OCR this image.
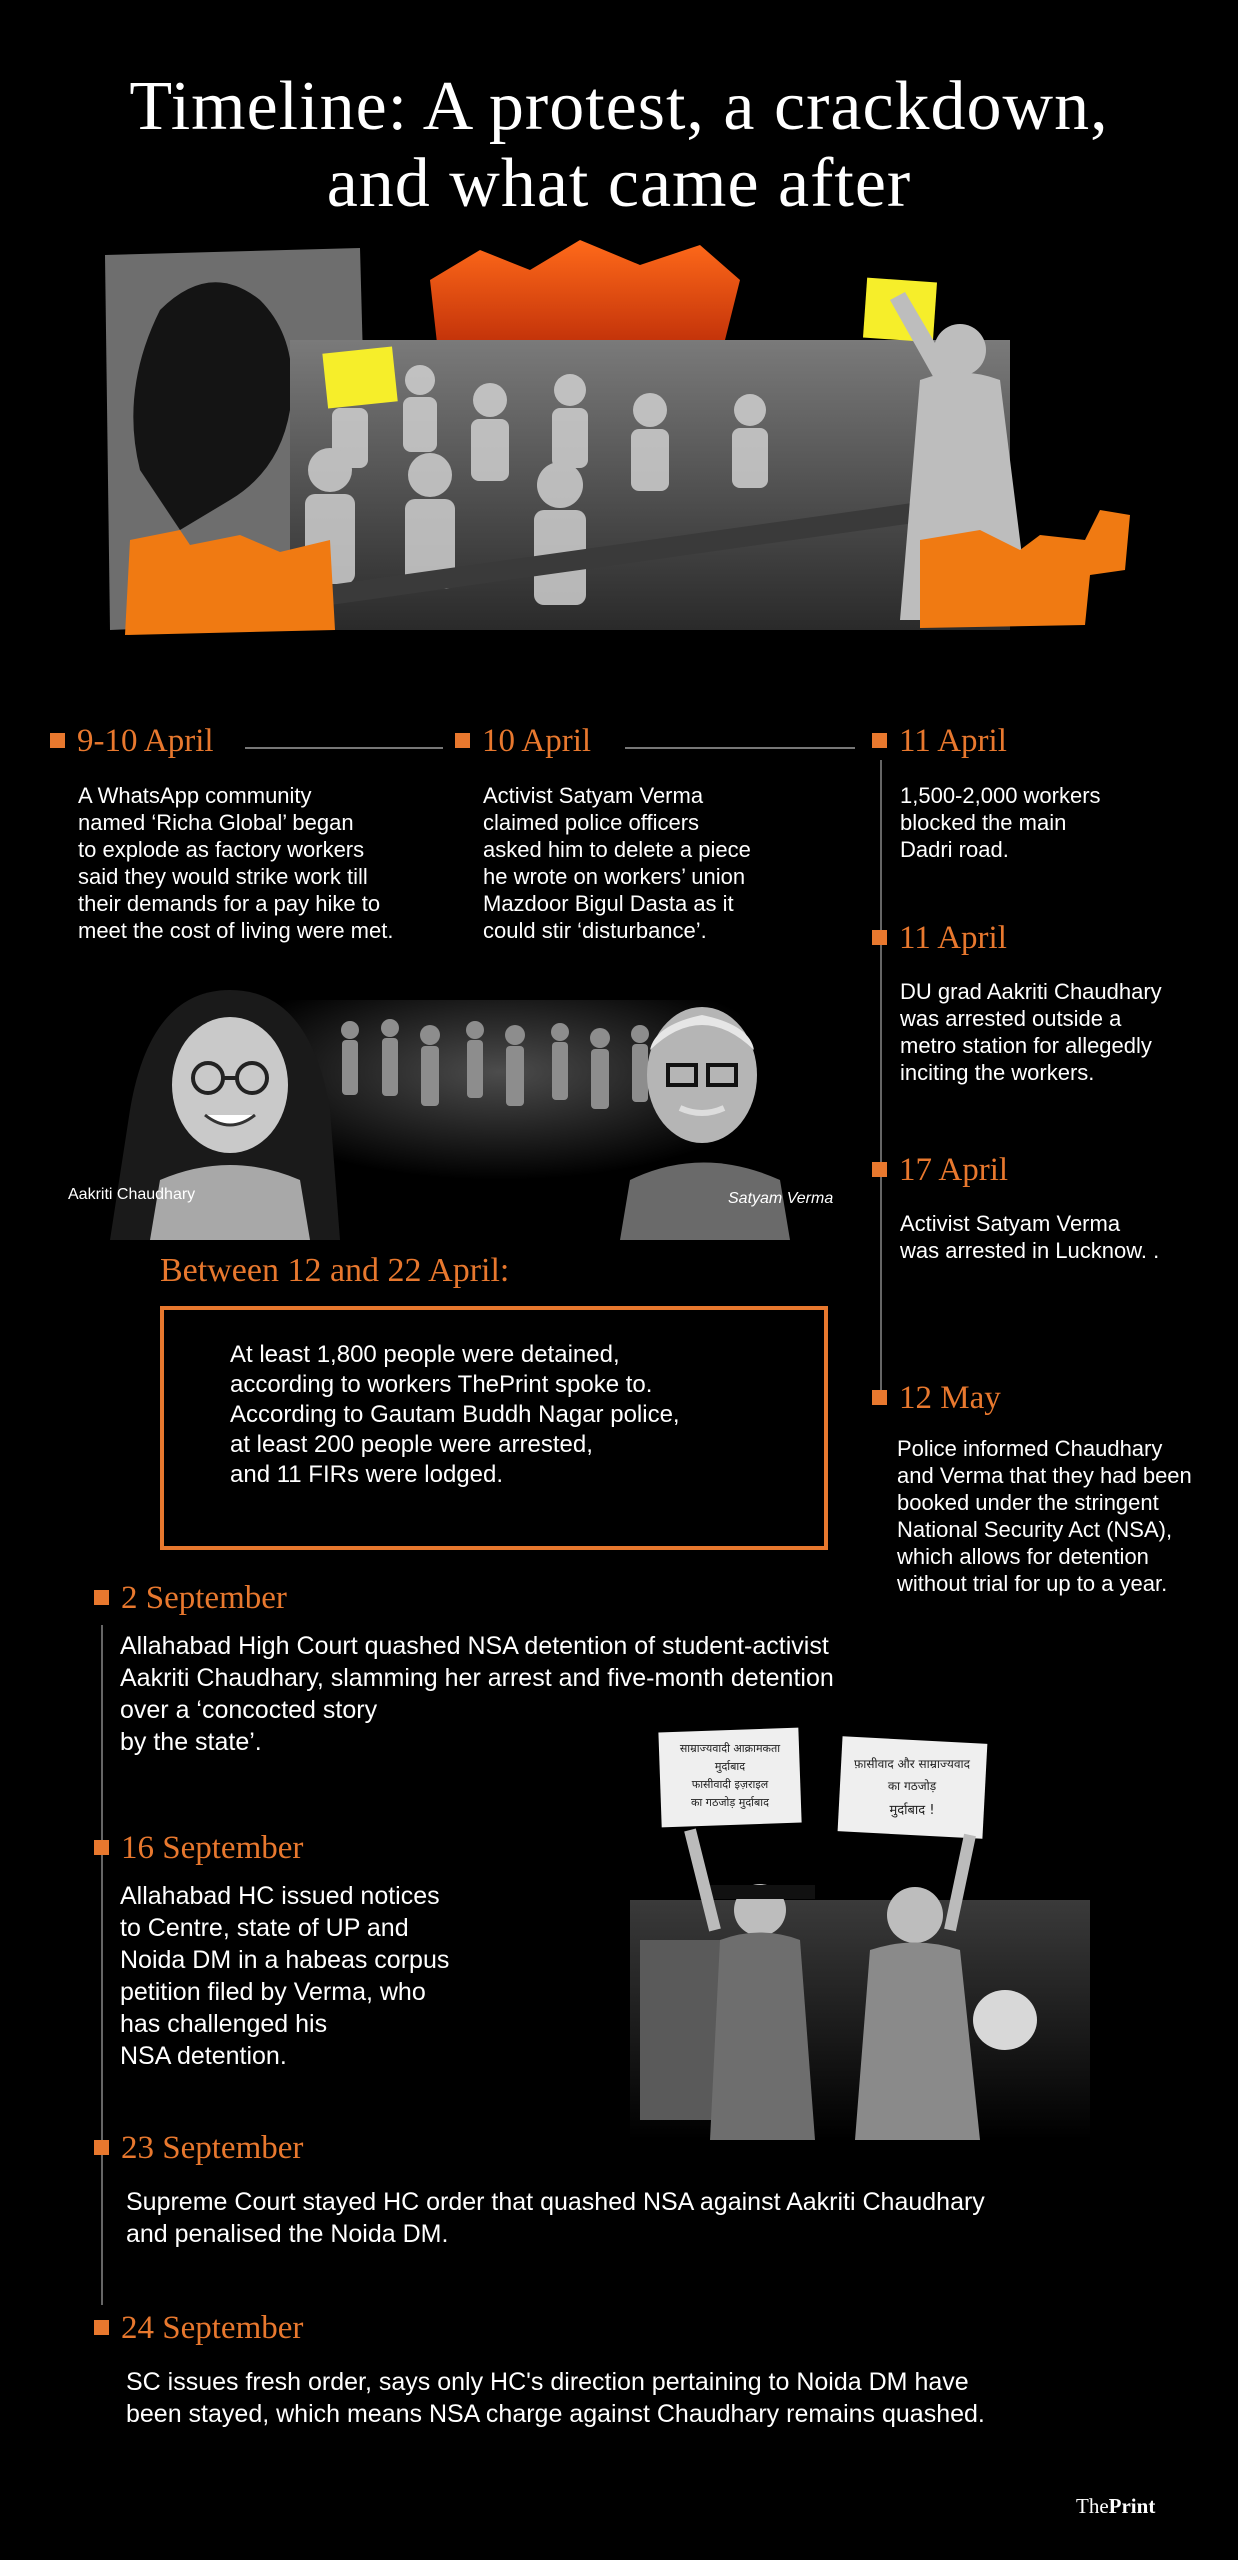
Timeline: A protest, a crackdown,
and what came after
9-10 April
A WhatsApp community
named ‘Richa Global’ began
to explode as factory workers
said they would strike work till
their demands for a pay hike to
meet the cost of living were met.
10 April
Activist Satyam Verma
claimed police officers
asked him to delete a piece
he wrote on workers’ union
Mazdoor Bigul Dasta as it
could stir ‘disturbance’.
11 April
1,500-2,000 workers
blocked the main
Dadri road.
11 April
DU grad Aakriti Chaudhary
was arrested outside a
metro station for allegedly
inciting the workers.
17 April
Activist Satyam Verma
was arrested in Lucknow. .
12 May
Police informed Chaudhary
and Verma that they had been
booked under the stringent
National Security Act (NSA),
which allows for detention
without trial for up to a year.
Aakriti Chaudhary	Satyam Verma
Between 12 and 22 April:
At least 1,800 people were detained,
according to workers ThePrint spoke to.
According to Gautam Buddh Nagar police,
at least 200 people were arrested,
and 11 FIRs were lodged.
2 September
Allahabad High Court quashed NSA detention of student-activist
Aakriti Chaudhary, slamming her arrest and five-month detention
over a ‘concocted story
by the state’.	साम्राज्यवादी आक्रामकता
मुर्दाबाद
फासीवादी इज़राइल
का गठजोड़ मुर्दाबाद
फ़ासीवाद और साम्राज्यवाद
का गठजोड़
मुर्दाबाद !
16 September
Allahabad HC issued notices
to Centre, state of UP and
Noida DM in a habeas corpus
petition filed by Verma, who
has challenged his
NSA detention.
23 September
Supreme Court stayed HC order that quashed NSA against Aakriti Chaudhary
and penalised the Noida DM.
24 September
SC issues fresh order, says only HC's direction pertaining to Noida DM have
been stayed, which means NSA charge against Chaudhary remains quashed.
ThePrint
